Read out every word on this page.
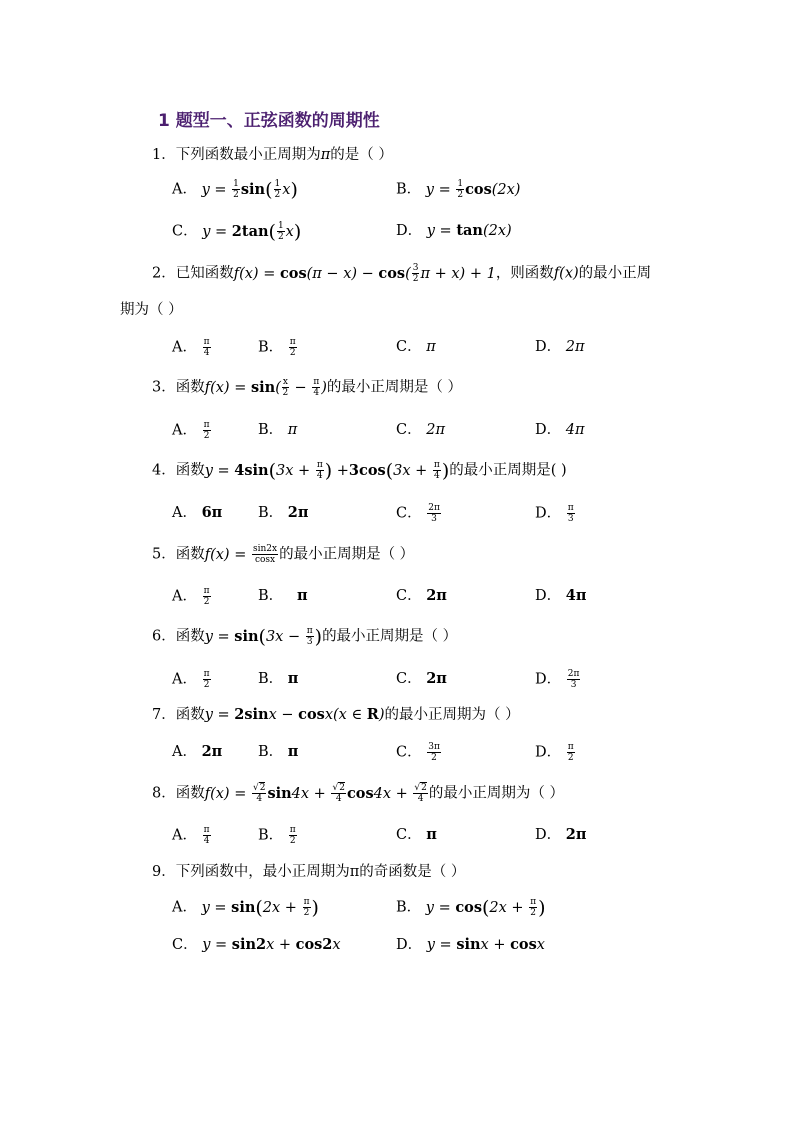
1 题型一、正弦函数的周期性
1．下列函数最小正周期为π的是（ ）
A． $y = \frac{1}{2} \sin( \frac{1}{2} x)$	B． $y = \frac{1}{2} \cos(2x)$
C． $y = 2\tan( \frac{1}{2} x)$	D． y = tan(2x)
2．已知函数$f(x) = \cos(\pi - x) - \cos( \frac{3}{2}$ π + x) + 1，则函数f(x)的最小正周
期为（ ）
A． $\frac{\pi}{4}$	B． $\frac{\pi}{2}$	C． π	D． 2π
3．函数$f(x) = \sin( \frac{x}{2} - \frac{\pi}{4}$ )的最小正周期是（ ）
A． $\frac{\pi}{2}$	B． π	C． 2π	D． 4π
4．函数$y = 4\sin(3x + \frac{\pi}{4}$ ) $+3\cos(3x + \frac{\pi}{4}$ )的最小正周期是( )
A． 6π B． 2π	C． $\frac{2\pi}{3}$	D． $\frac{\pi}{3}$
5．函数$f(x) = \frac{\sin 2x}{\cos x}$ 的最小正周期是（ ）
A． $\frac{\pi}{2}$	B． π	C． 2π	D． 4π
6．函数$y = \sin(3x - \frac{\pi}{3}$ )的最小正周期是（ ）
A． $\frac{\pi}{2}$	B． π	C． 2π	D． $\frac{2\pi}{3}$
7．函数y = 2sinx − cosx(x ∈ R)的最小正周期为（ ）
A． 2π B． π	C． $\frac{3\pi}{2}$	D． $\frac{\pi}{2}$
8．函数$f(x) = \frac{√2}{4} \sin 4x + \frac{√2}{4} \cos 4x + \frac{√2}{4}$ 的最小正周期为（ ）
A． $\frac{\pi}{4}$	B． $\frac{\pi}{2}$	C． π	D． 2π
9．下列函数中，最小正周期为π的奇函数是（ ）
A． $y = \sin(2x + \frac{\pi}{2}$ )	B． $y = \cos(2x + \frac{\pi}{2}$ )
C． y = sin2x + cos2x	D． y = sinx + cosx
